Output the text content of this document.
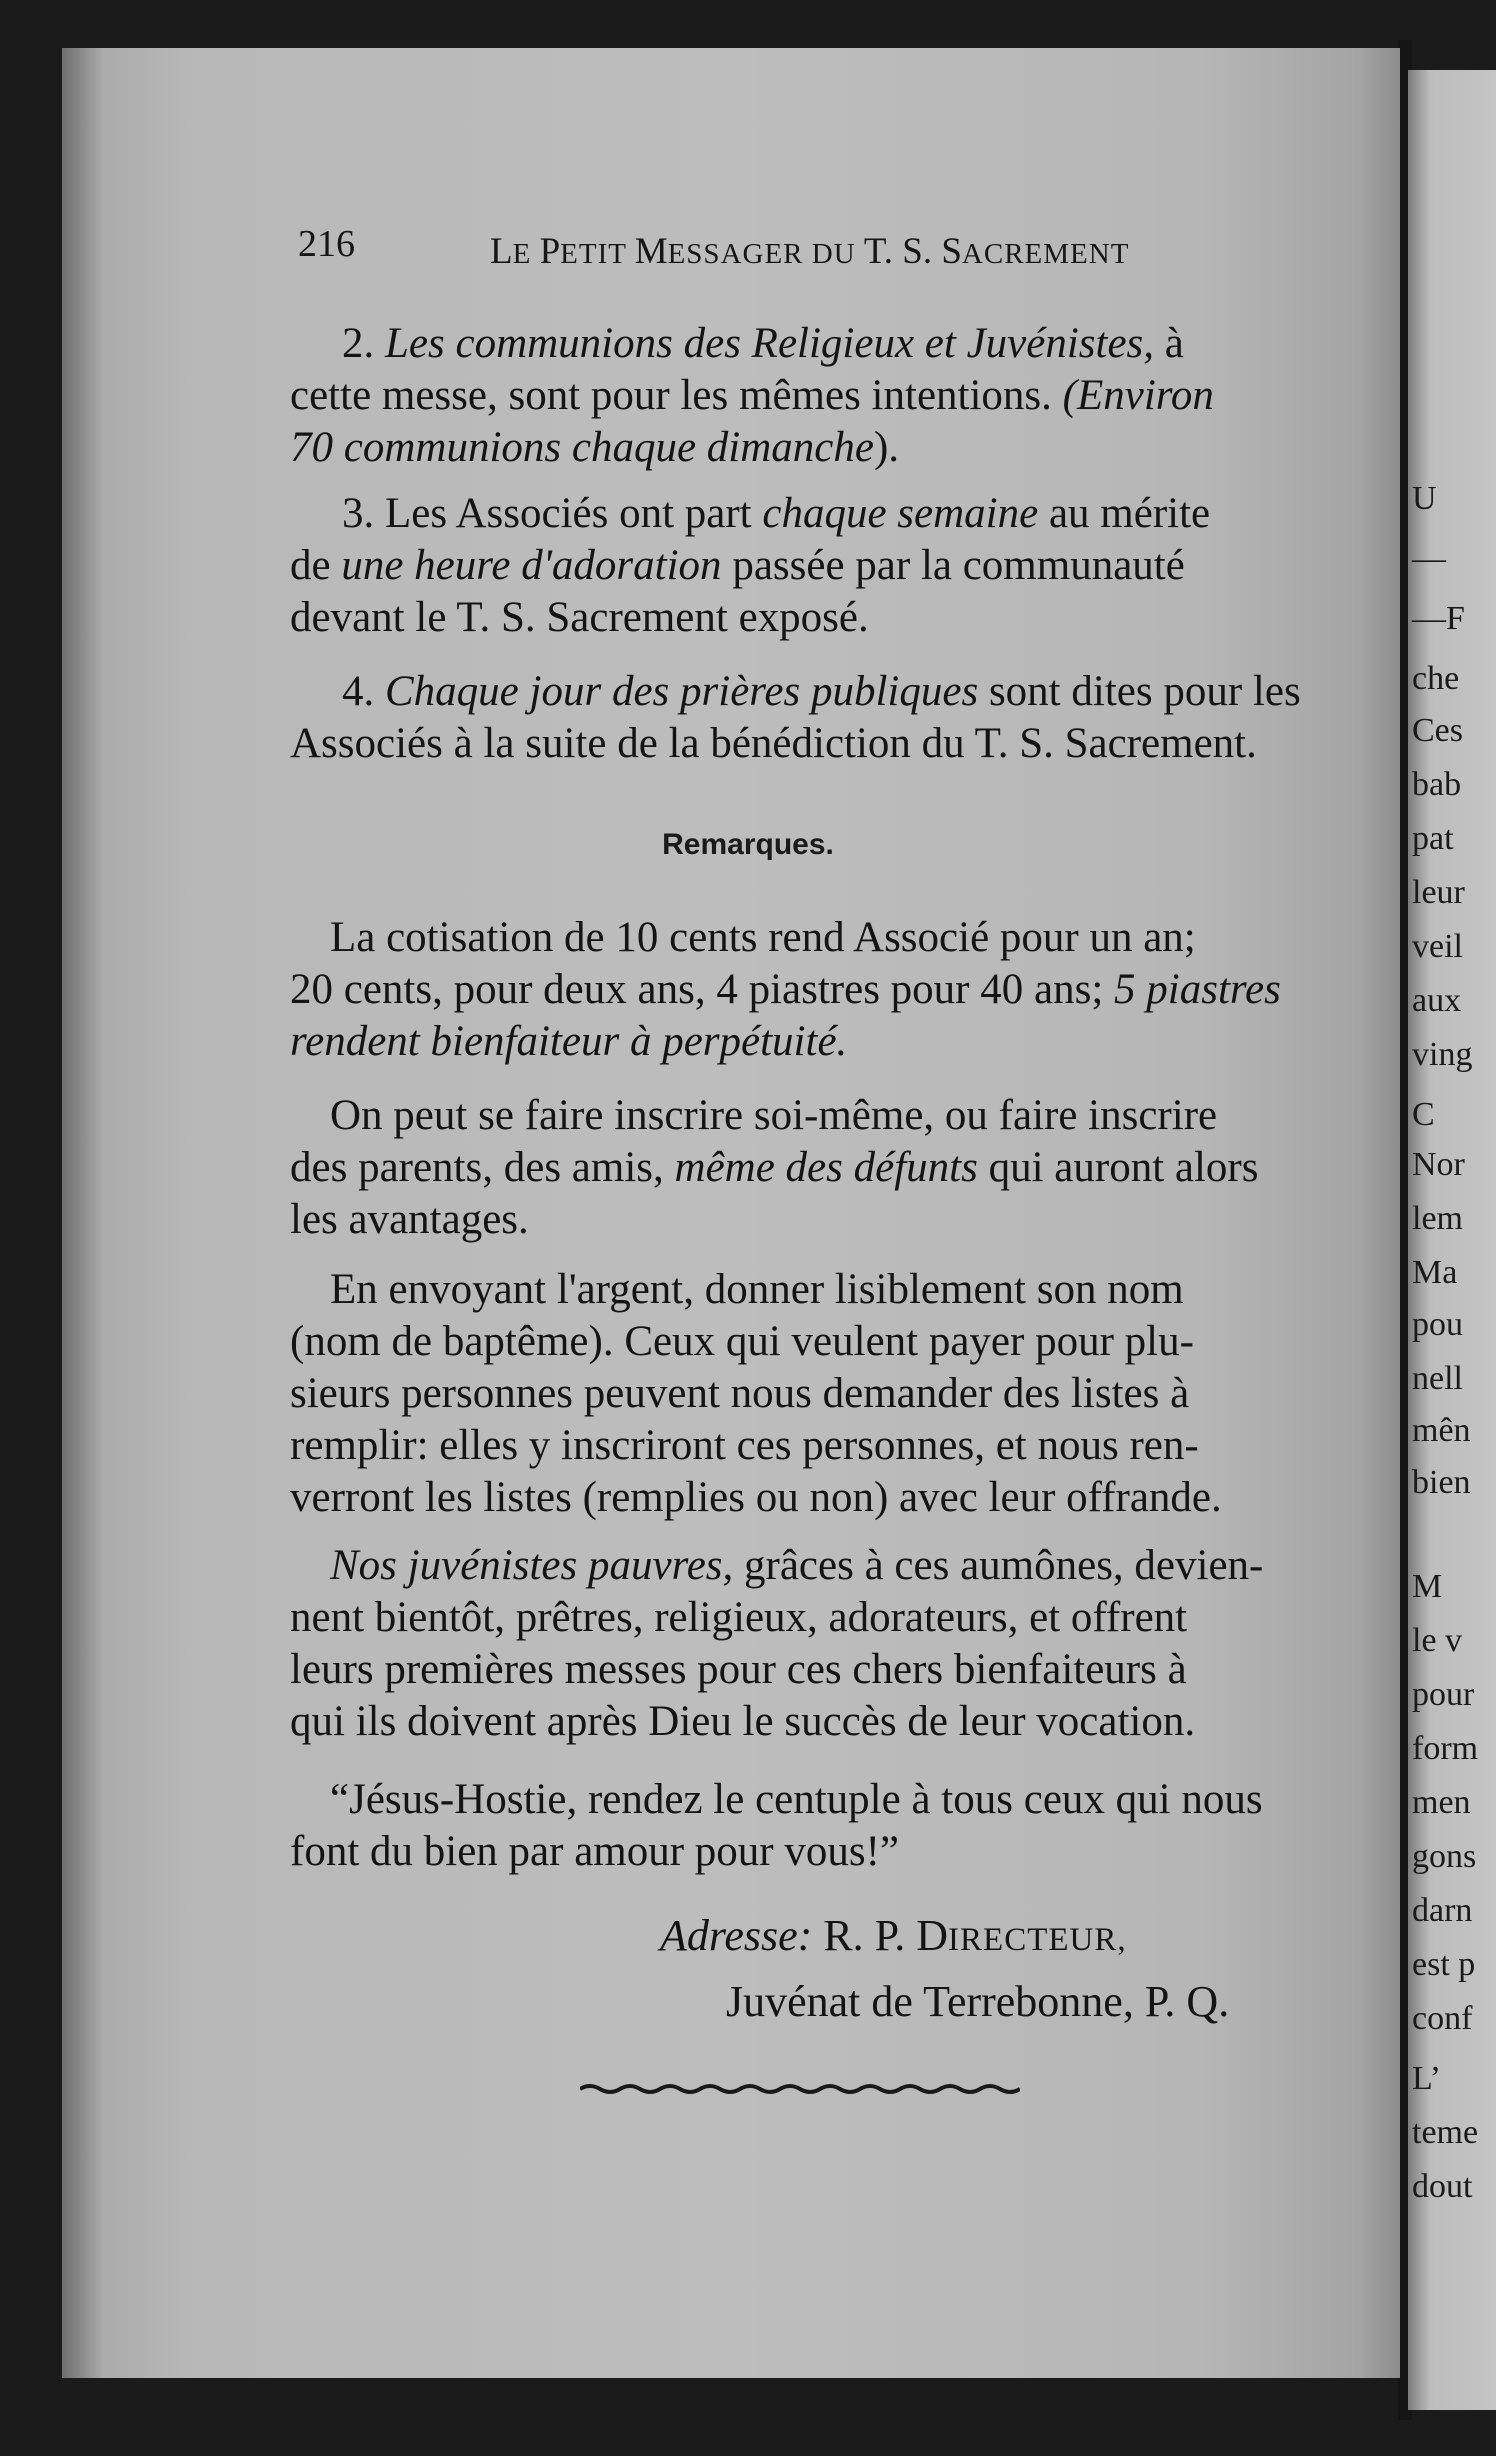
216	LE PETIT MESSAGER DU T. S. SACREMENT
2. Les communions des Religieux et Juvénistes, à
cette messe, sont pour les mêmes intentions. (Environ
70 communions chaque dimanche).
3. Les Associés ont part chaque semaine au mérite
de une heure d'adoration passée par la communauté
devant le T. S. Sacrement exposé.
4. Chaque jour des prières publiques sont dites pour les
Associés à la suite de la bénédiction du T. S. Sacrement.
Remarques.
La cotisation de 10 cents rend Associé pour un an;
20 cents, pour deux ans, 4 piastres pour 40 ans; 5 piastres
rendent bienfaiteur à perpétuité.
On peut se faire inscrire soi-même, ou faire inscrire
des parents, des amis, même des défunts qui auront alors
les avantages.
En envoyant l'argent, donner lisiblement son nom
(nom de baptême). Ceux qui veulent payer pour plu-
sieurs personnes peuvent nous demander des listes à
remplir: elles y inscriront ces personnes, et nous ren-
verront les listes (remplies ou non) avec leur offrande.
Nos juvénistes pauvres, grâces à ces aumônes, devien-
nent bientôt, prêtres, religieux, adorateurs, et offrent
leurs premières messes pour ces chers bienfaiteurs à
qui ils doivent après Dieu le succès de leur vocation.
“Jésus-Hostie, rendez le centuple à tous ceux qui nous
font du bien par amour pour vous!”
Adresse: R. P. DIRECTEUR,
Juvénat de Terrebonne, P. Q.
U
—
—F
che
Ces
bab
pat
leur
veil
aux
ving
C
Nor
lem
Ma
pou
nell
mên
bien
M
le v
pour
form
men
gons
darn
est p
conf
L’
teme
dout
